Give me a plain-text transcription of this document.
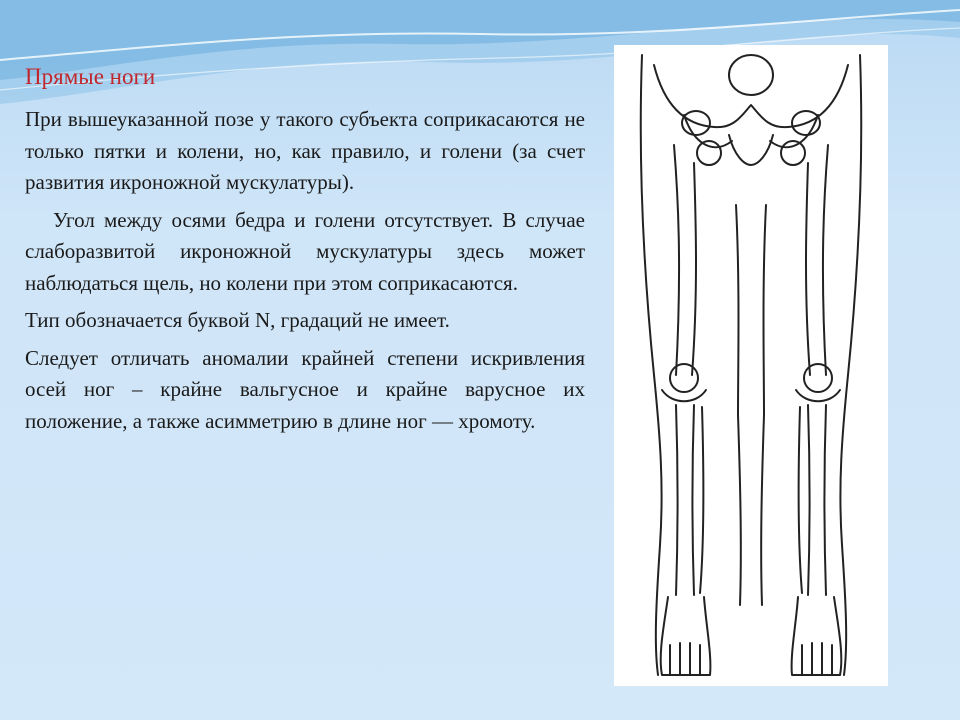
Прямые ноги

При вышеуказанной позе у такого субъекта соприкасаются не только пятки и колени, но, как правило, и голени (за счет развития икроножной мускулатуры).

Угол между осями бедра и голени отсутствует. В случае слаборазвитой икроножной мускулатуры здесь может наблюдаться щель, но колени при этом соприкасаются.

Тип обозначается буквой N, градаций не имеет.

Следует отличать аномалии крайней степени искривления осей ног – крайне вальгусное и крайне варусное их положение, а также асимметрию в длине ног — хромоту.
